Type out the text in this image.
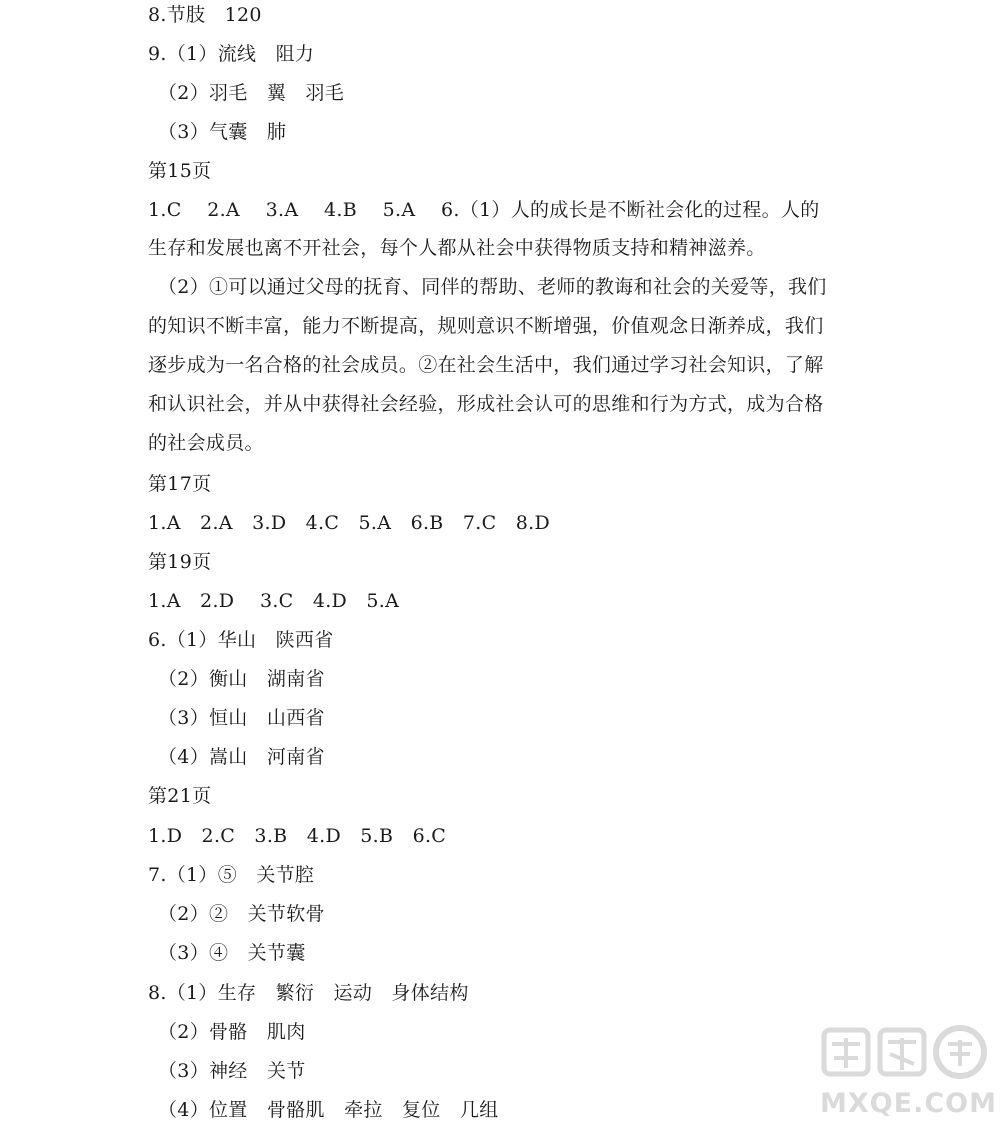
8.节肢　120
9.（1）流线　阻力
（2）羽毛　翼　羽毛
（3）气囊　肺
第15页
1.C　 2.A　 3.A　 4.B　 5.A　 6.（1）人的成长是不断社会化的过程。人的
生存和发展也离不开社会，每个人都从社会中获得物质支持和精神滋养。
（2）①可以通过父母的抚育、同伴的帮助、老师的教诲和社会的关爱等，我们
的知识不断丰富，能力不断提高，规则意识不断增强，价值观念日渐养成，我们
逐步成为一名合格的社会成员。②在社会生活中，我们通过学习社会知识，了解
和认识社会，并从中获得社会经验，形成社会认可的思维和行为方式，成为合格
的社会成员。
第17页
1.A　2.A　3.D　4.C　5.A　6.B　7.C　8.D
第19页
1.A　2.D　 3.C　4.D　5.A
6.（1）华山　陕西省
（2）衡山　湖南省
（3）恒山　山西省
（4）嵩山　河南省
第21页
1.D　2.C　3.B　4.D　5.B　6.C
7.（1）⑤　关节腔
（2）②　关节软骨
（3）④　关节囊
8.（1）生存　繁衍　运动　身体结构
（2）骨骼　肌肉
（3）神经　关节
（4）位置　骨骼肌　牵拉　复位　几组	MXQE.COM
